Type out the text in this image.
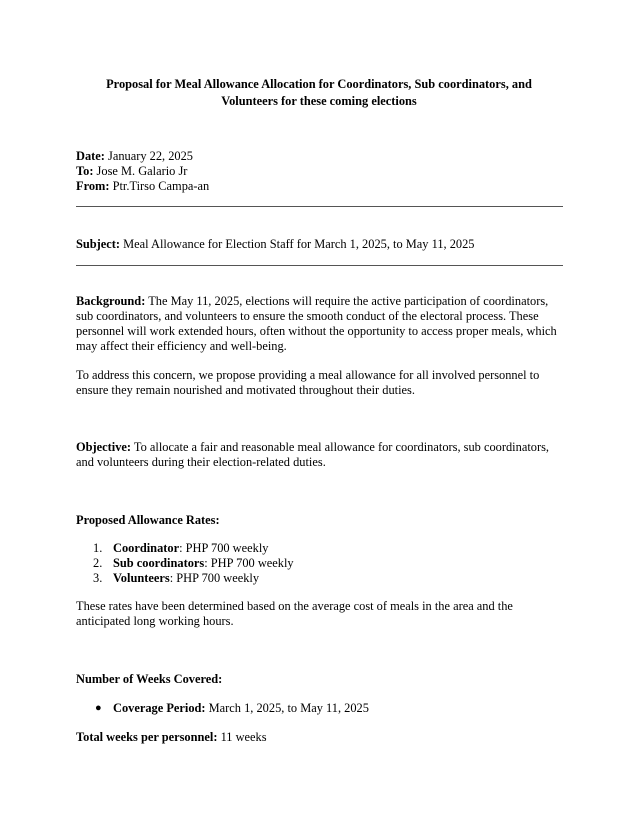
Proposal for Meal Allowance Allocation for Coordinators, Sub coordinators, and
Volunteers for these coming elections

Date: January 22, 2025

To: Jose M. Galario Jr

From: Ptr.Tirso Campa-an

Subject: Meal Allowance for Election Staff for March 1, 2025, to May 11, 2025

Background: The May 11, 2025, elections will require the active participation of coordinators,

sub coordinators, and volunteers to ensure the smooth conduct of the electoral process. These

personnel will work extended hours, often without the opportunity to access proper meals, which

may affect their efficiency and well-being.

To address this concern, we propose providing a meal allowance for all involved personnel to

ensure they remain nourished and motivated throughout their duties.

Objective: To allocate a fair and reasonable meal allowance for coordinators, sub coordinators,

and volunteers during their election-related duties.

Proposed Allowance Rates:

1. Coordinator: PHP 700 weekly
2. Sub coordinators: PHP 700 weekly
3. Volunteers: PHP 700 weekly

These rates have been determined based on the average cost of meals in the area and the

anticipated long working hours.

Number of Weeks Covered:

● Coverage Period: March 1, 2025, to May 11, 2025

Total weeks per personnel: 11 weeks
